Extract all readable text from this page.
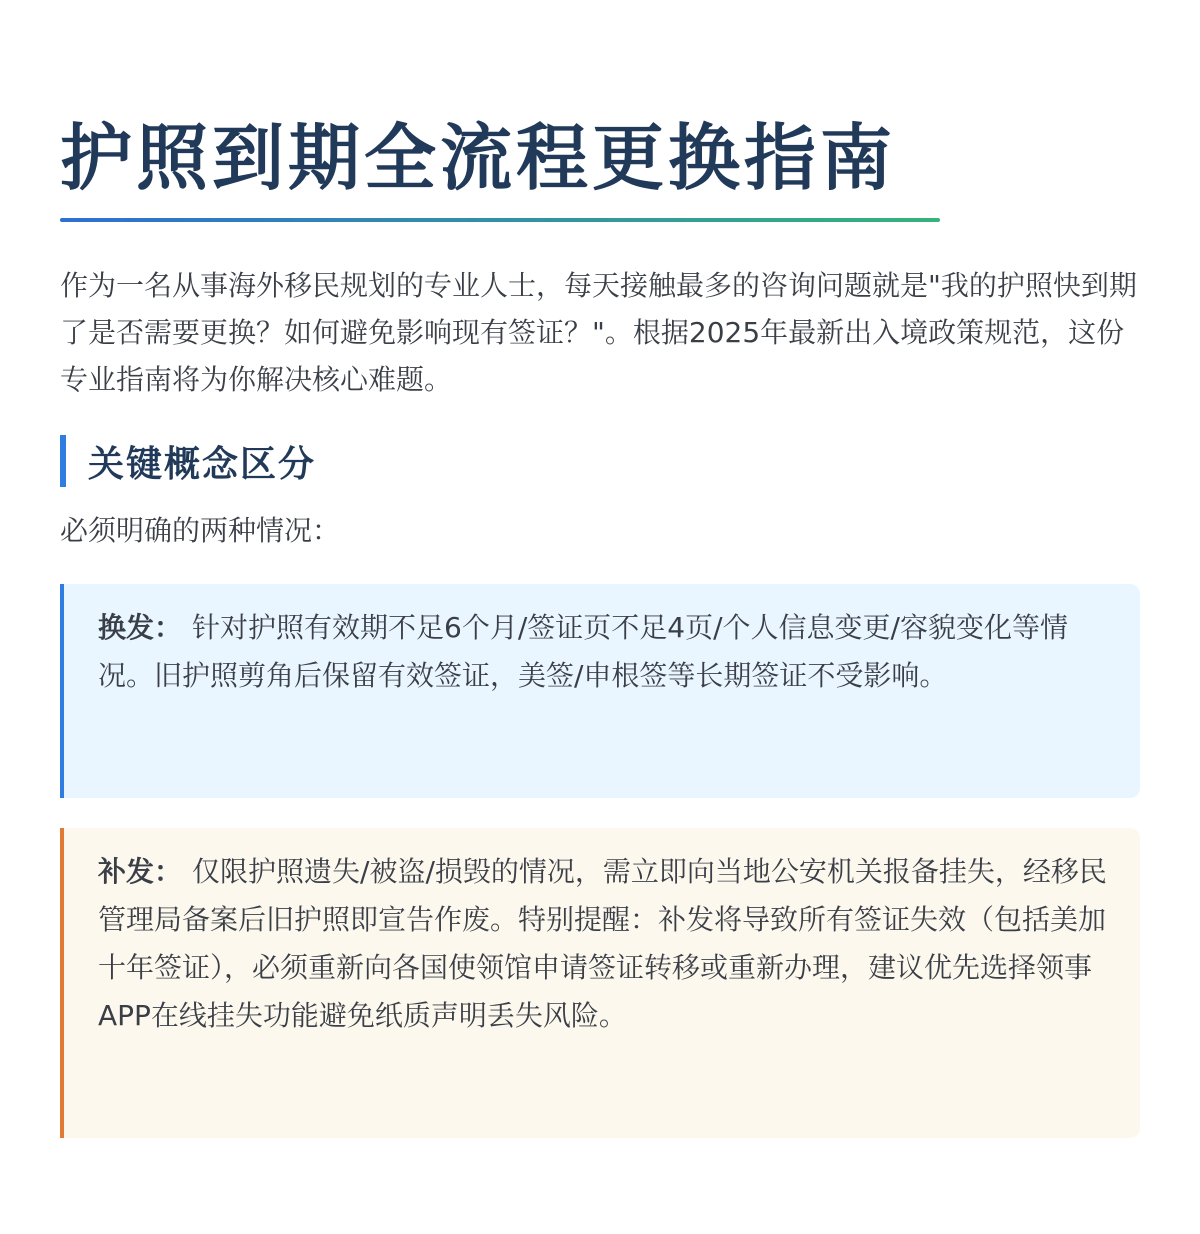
护照到期全流程更换指南

作为一名从事海外移民规划的专业人士，每天接触最多的咨询问题就是"我的护照快到期了是否需要更换？如何避免影响现有签证？"。根据2025年最新出入境政策规范，这份专业指南将为你解决核心难题。

关键概念区分

必须明确的两种情况：

换发： 针对护照有效期不足6个月/签证页不足4页/个人信息变更/容貌变化等情况。旧护照剪角后保留有效签证，美签/申根签等长期签证不受影响。

补发： 仅限护照遗失/被盗/损毁的情况，需立即向当地公安机关报备挂失，经移民管理局备案后旧护照即宣告作废。特别提醒：补发将导致所有签证失效（包括美加十年签证），必须重新向各国使领馆申请签证转移或重新办理，建议优先选择领事APP在线挂失功能避免纸质声明丢失风险。
